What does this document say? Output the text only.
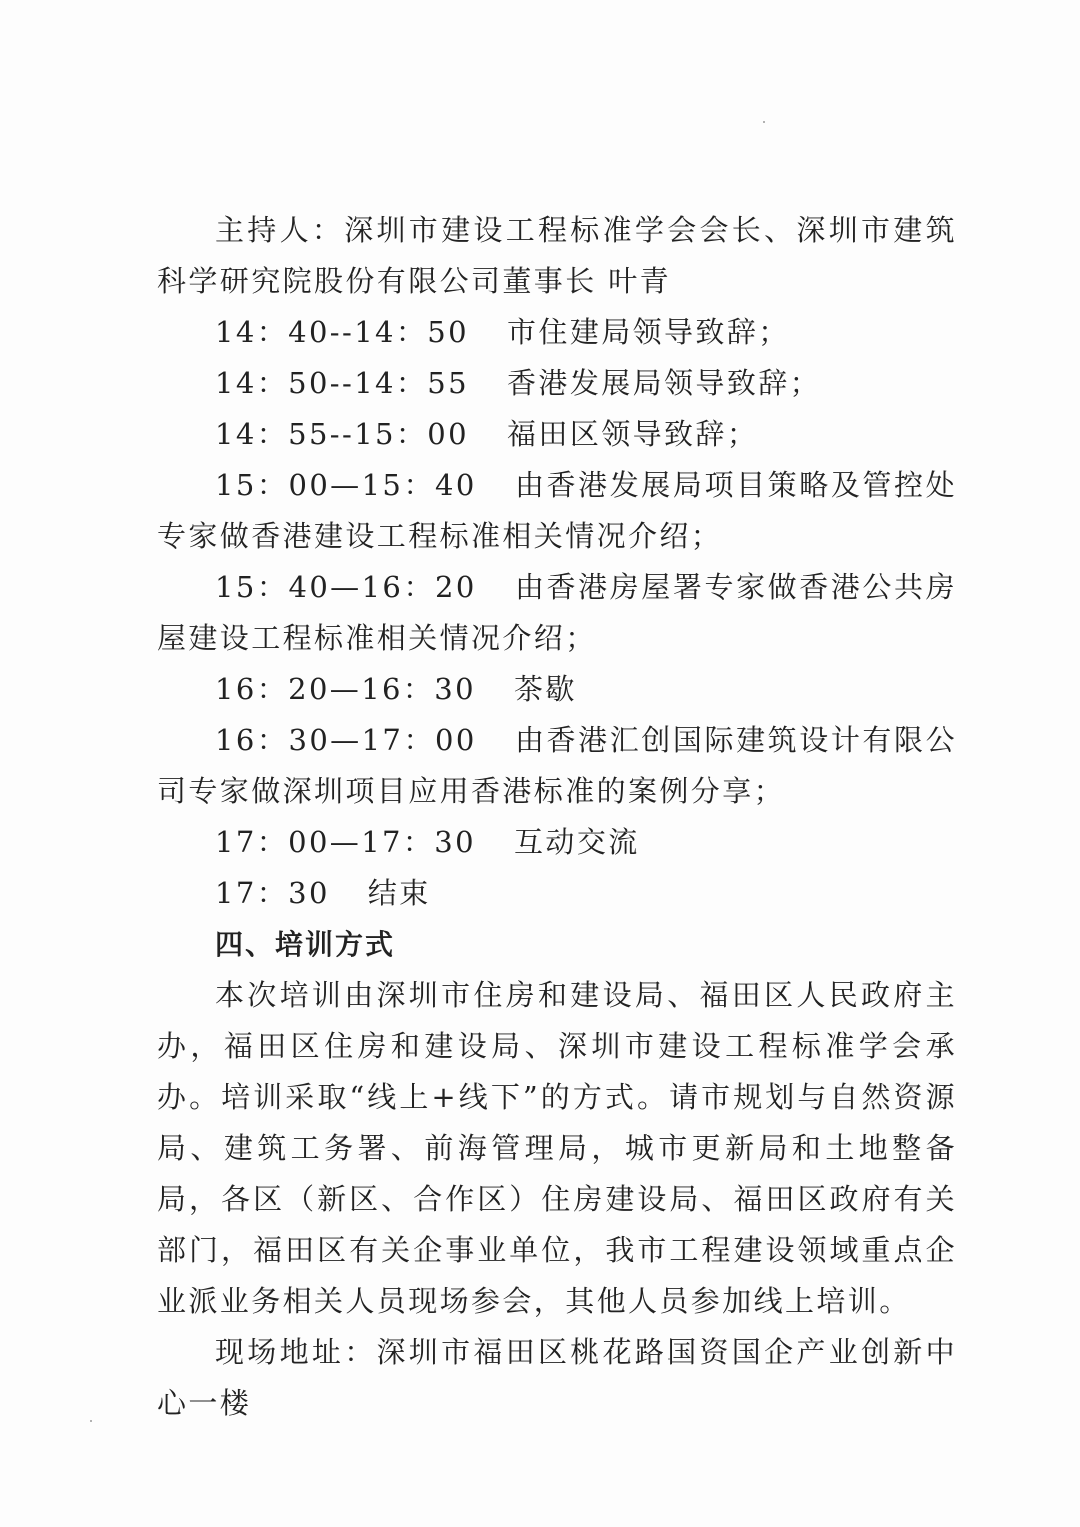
主持人：深圳市建设工程标准学会会长、深圳市建筑科学研究院股份有限公司董事长 叶青

14：40--14：50 市住建局领导致辞；

14：50--14：55 香港发展局领导致辞；

14：55--15：00 福田区领导致辞；

15：00—15：40 由香港发展局项目策略及管控处专家做香港建设工程标准相关情况介绍；

15：40—16：20 由香港房屋署专家做香港公共房屋建设工程标准相关情况介绍；

16：20—16：30 茶歇

16：30—17：00 由香港汇创国际建筑设计有限公司专家做深圳项目应用香港标准的案例分享；

17：00—17：30 互动交流

17：30 结束

四、培训方式

本次培训由深圳市住房和建设局、福田区人民政府主办，福田区住房和建设局、深圳市建设工程标准学会承办。培训采取“线上+线下”的方式。请市规划与自然资源局、建筑工务署、前海管理局，城市更新局和土地整备局，各区（新区、合作区）住房建设局、福田区政府有关部门，福田区有关企事业单位，我市工程建设领域重点企业派业务相关人员现场参会，其他人员参加线上培训。

现场地址：深圳市福田区桃花路国资国企产业创新中心一楼
